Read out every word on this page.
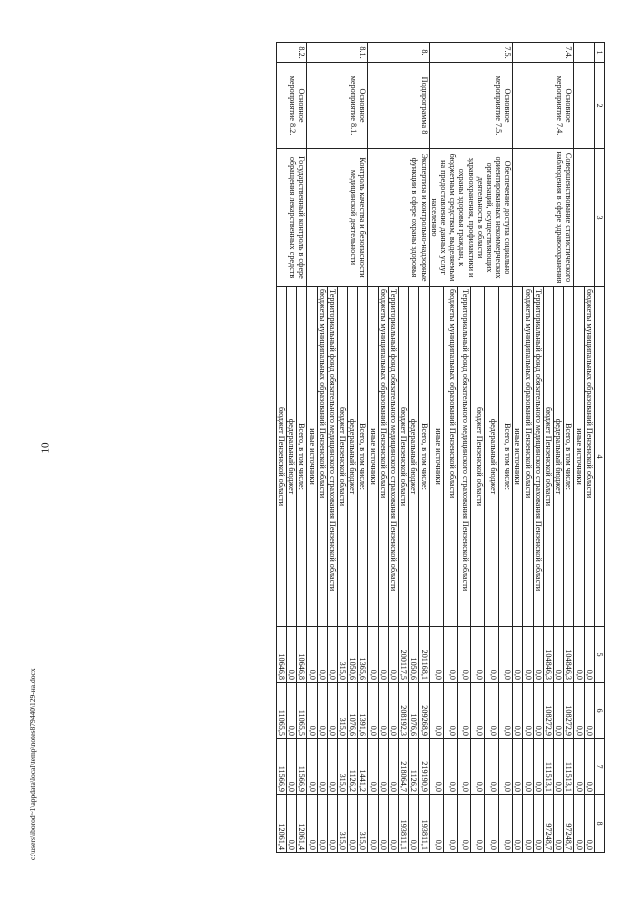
10
c:\users\iborod~1\appdata\local\temp\notes879440\129-на.docx
1	2	3	4	5	6	7	8
			бюджеты муниципальных образований Пензенской области	0,0	0,0	0,0	0,0
			иные источники	0,0	0,0	0,0	0,0
7.4.	Основное мероприятие 7.4.	Совершенствование статистического наблюдения в сфере здравоохранения	Всего, в том числе:	104846,3	108272,9	111513,1	97248,7
			федеральный бюджет	0,0	0,0	0,0	0,0
			бюджет Пензенской области	104846,3	108272,9	111513,1	97248,7
			Территориальный фонд обязательного медицинского страхования Пензенской области	0,0	0,0	0,0	0,0
			бюджеты муниципальных образований Пензенской области	0,0	0,0	0,0	0,0
			иные источники	0,0	0,0	0,0	0,0
7.5.	Основное мероприятие 7.5.	Обеспечение доступа социально ориентированных некоммерческих организаций, осуществляющих деятельность в области здравоохранения, профилактики и охраны здоровья граждан, к бюджетным средствам, выделяемым на предоставление данных услуг населению	Всего, в том числе:	0,0	0,0	0,0	0,0
			федеральный бюджет	0,0	0,0	0,0	0,0
			бюджет Пензенской области	0,0	0,0	0,0	0,0
			Территориальный фонд обязательного медицинского страхования Пензенской области	0,0	0,0	0,0	0,0
			бюджеты муниципальных образований Пензенской области	0,0	0,0	0,0	0,0
			иные источники	0,0	0,0	0,0	0,0
8.	Подпрограмма 8	Экспертиза и контрольно-надзорные функции в сфере охраны здоровья	Всего, в том числе:	201168,1	209268,9	219190,9	193811,1
			федеральный бюджет	1050,6	1076,6	1126,2	0,0
			бюджет Пензенской области	200117,5	208192,3	218064,7	193811,1
			Территориальный фонд обязательного медицинского страхования Пензенской области	0,0	0,0	0,0	0,0
			бюджеты муниципальных образований Пензенской области	0,0	0,0	0,0	0,0
			иные источники	0,0	0,0	0,0	0,0
8.1.	Основное мероприятие 8.1.	Контроль качества и безопасности медицинской деятельности	Всего, в том числе:	1365,6	1391,6	1441,2	315,0
			федеральный бюджет	1050,6	1076,6	1126,2	0,0
			бюджет Пензенской области	315,0	315,0	315,0	315,0
			Территориальный фонд обязательного медицинского страхования Пензенской области	0,0	0,0	0,0	0,0
			бюджеты муниципальных образований Пензенской области	0,0	0,0	0,0	0,0
			иные источники	0,0	0,0	0,0	0,0
8.2.	Основное мероприятие 8.2.	Государственный контроль в сфере обращения лекарственных средств	Всего, в том числе:	10646,8	11065,5	11566,9	12061,4
			федеральный бюджет	0,0	0,0	0,0	0,0
			бюджет Пензенской области	10646,8	11065,5	11566,9	12061,4
